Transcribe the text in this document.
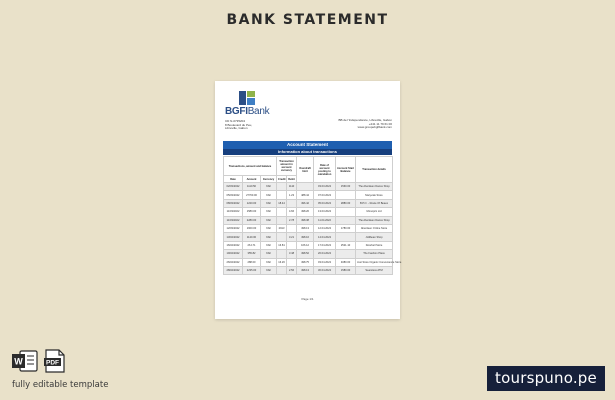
BANK STATEMENT
BGFIBank
CD N-0735204
8 Boulevard du Peu,
Libreville, Gabon
BB de l'Indépendance, Libreville, Gabon
+241 11 79 61 00
www.groupebgfibank.com
Account Statement
Information about transactions
Transactions, amount and balance			Transaction amount in account currency		Overdraft limit	Date of account posting to calculation	Account Start Balance	Transaction details
Date	Amount	Currency	Credit	Debit				
02/03/2022	1110.50	XAF		1110		03.03.2022	1560.00	The Aberdeen Dance Shop
05/03/2022	27760.00	XAF		1.23	488.44	07.03.2022		Maryvale Store
08/03/2022	1220.00	XAF	18.44		496.42	05.03.2022	2880.00	B.P.O. - Route Of Beaux
11/03/2022	1580.00	XAF		4.66	498.26	13.03.2022		Monoprix Ltd
11/03/2022	2280.00	XAF		2.78	498.38	11.04.2022		The Aberdeen Dance Shop
12/03/2022	1600.00	XAF	2913		498.13	12.04.2022	1780.00	Aberdeen Online Store
13/04/2022	1120.00	XAF		3.21	498.16	14.04.2022		Jollibean Shop
16/04/2022	26.171	XAF	16.81		166.12	17.04.2022	2521.10	Doorbell Store
19/04/2022	355.82	XAF		3.48	498.52	20.04.2022		The Fashion Place
26/04/2022	288.00	XAF	16.26		498.75	03.04.2022	4080.00	Just Store Organic Convenience Store
28/04/2022	2235.00	XAF		2.56	498.13	30.04.2022	1580.00	Seamless ATM
Page 1/1
W	PDF
fully editable template	tourspuno.pe
